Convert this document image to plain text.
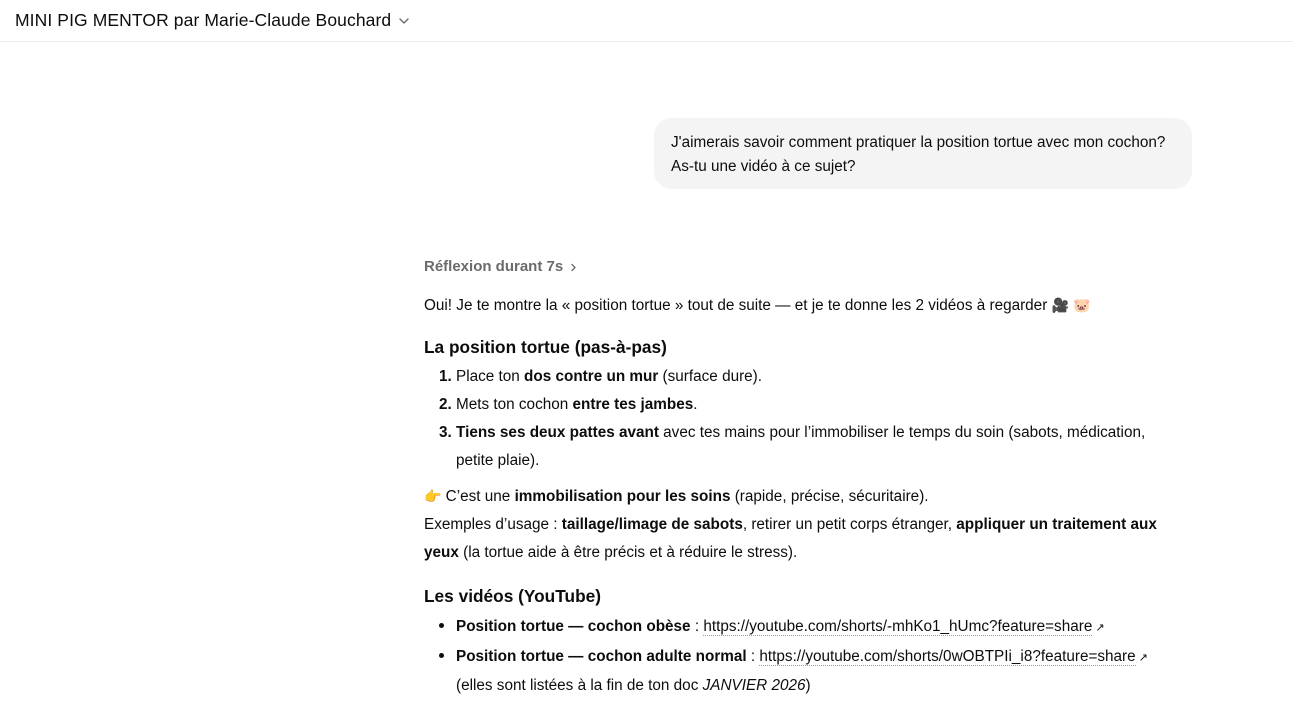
MINI PIG MENTOR par Marie-Claude Bouchard
J'aimerais savoir comment pratiquer la position tortue avec mon cochon? As-tu une vidéo à ce sujet?
Réflexion durant 7s

Oui! Je te montre la « position tortue » tout de suite — et je te donne les 2 vidéos à regarder 🎥 🐷

La position tortue (pas-à-pas)
1. Place ton dos contre un mur (surface dure).
2. Mets ton cochon entre tes jambes.
3. Tiens ses deux pattes avant avec tes mains pour l’immobiliser le temps du soin (sabots, médication, petite plaie).

👉 C’est une immobilisation pour les soins (rapide, précise, sécuritaire).

Exemples d’usage : taillage/limage de sabots, retirer un petit corps étranger, appliquer un traitement aux yeux (la tortue aide à être précis et à réduire le stress).

Les vidéos (YouTube)
• Position tortue — cochon obèse : https://youtube.com/shorts/-mhKo1_hUmc?feature=share ↗
• Position tortue — cochon adulte normal : https://youtube.com/shorts/0wOBTPIi_i8?feature=share ↗
(elles sont listées à la fin de ton doc JANVIER 2026)
